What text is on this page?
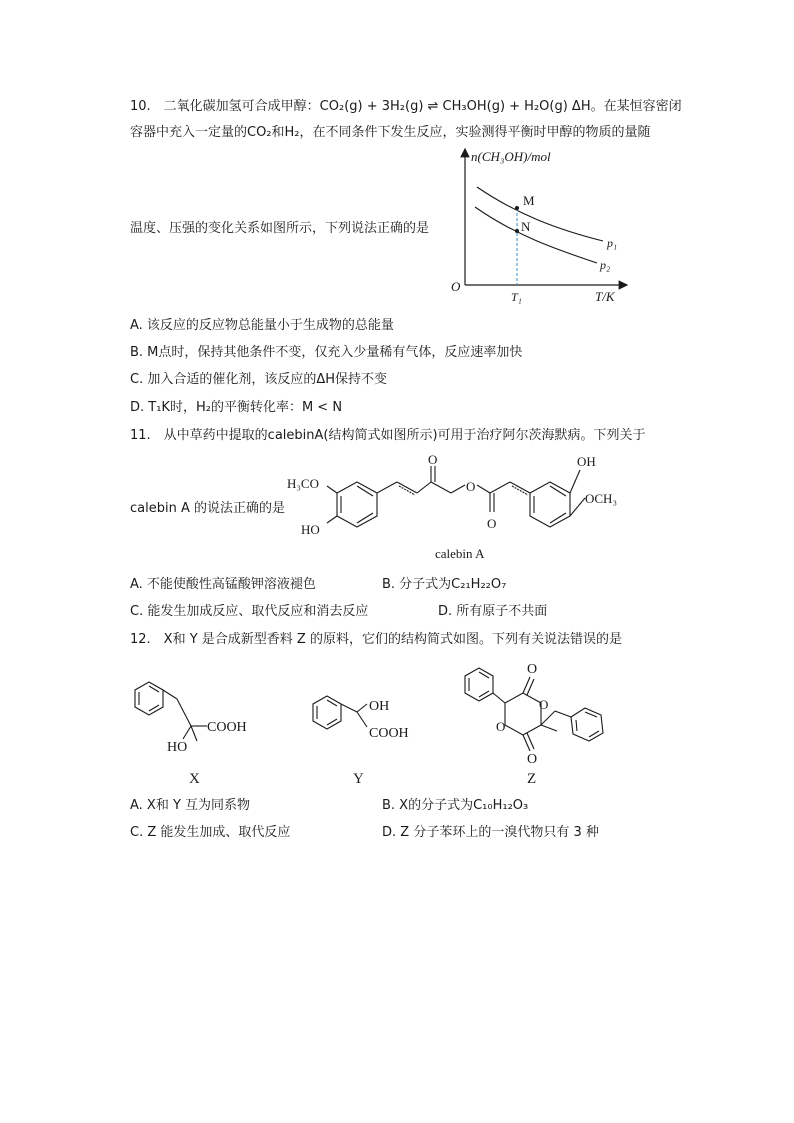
10.　二氧化碳加氢可合成甲醇：CO₂(g) + 3H₂(g) ⇌ CH₃OH(g) + H₂O(g) ΔH。在某恒容密闭
容器中充入一定量的CO₂和H₂，在不同条件下发生反应，实验测得平衡时甲醇的物质的量随
温度、压强的变化关系如图所示，下列说法正确的是
n(CH₃OH)/mol
O
T/K
M
N
p₁
p₂
T₁
A. 该反应的反应物总能量小于生成物的总能量
B. M点时，保持其他条件不变，仅充入少量稀有气体，反应速率加快
C. 加入合适的催化剂，该反应的ΔH保持不变
D. T₁K时，H₂的平衡转化率：M < N
11.　从中草药中提取的calebinA(结构简式如图所示)可用于治疗阿尔茨海默病。下列关于
calebin A 的说法正确的是
H₃CO
HO
O
O
O
OH
OCH₃
calebin A
A. 不能使酸性高锰酸钾溶液褪色	B. 分子式为C₂₁H₂₂O₇
C. 能发生加成反应、取代反应和消去反应	D. 所有原子不共面
12.　X和 Y 是合成新型香料 Z 的原料，它们的结构简式如图。下列有关说法错误的是
COOH
HO
X
OH
COOH
Y
O
O
O
O
Z
A. X和 Y 互为同系物	B. X的分子式为C₁₀H₁₂O₃
C. Z 能发生加成、取代反应	D. Z 分子苯环上的一溴代物只有 3 种
